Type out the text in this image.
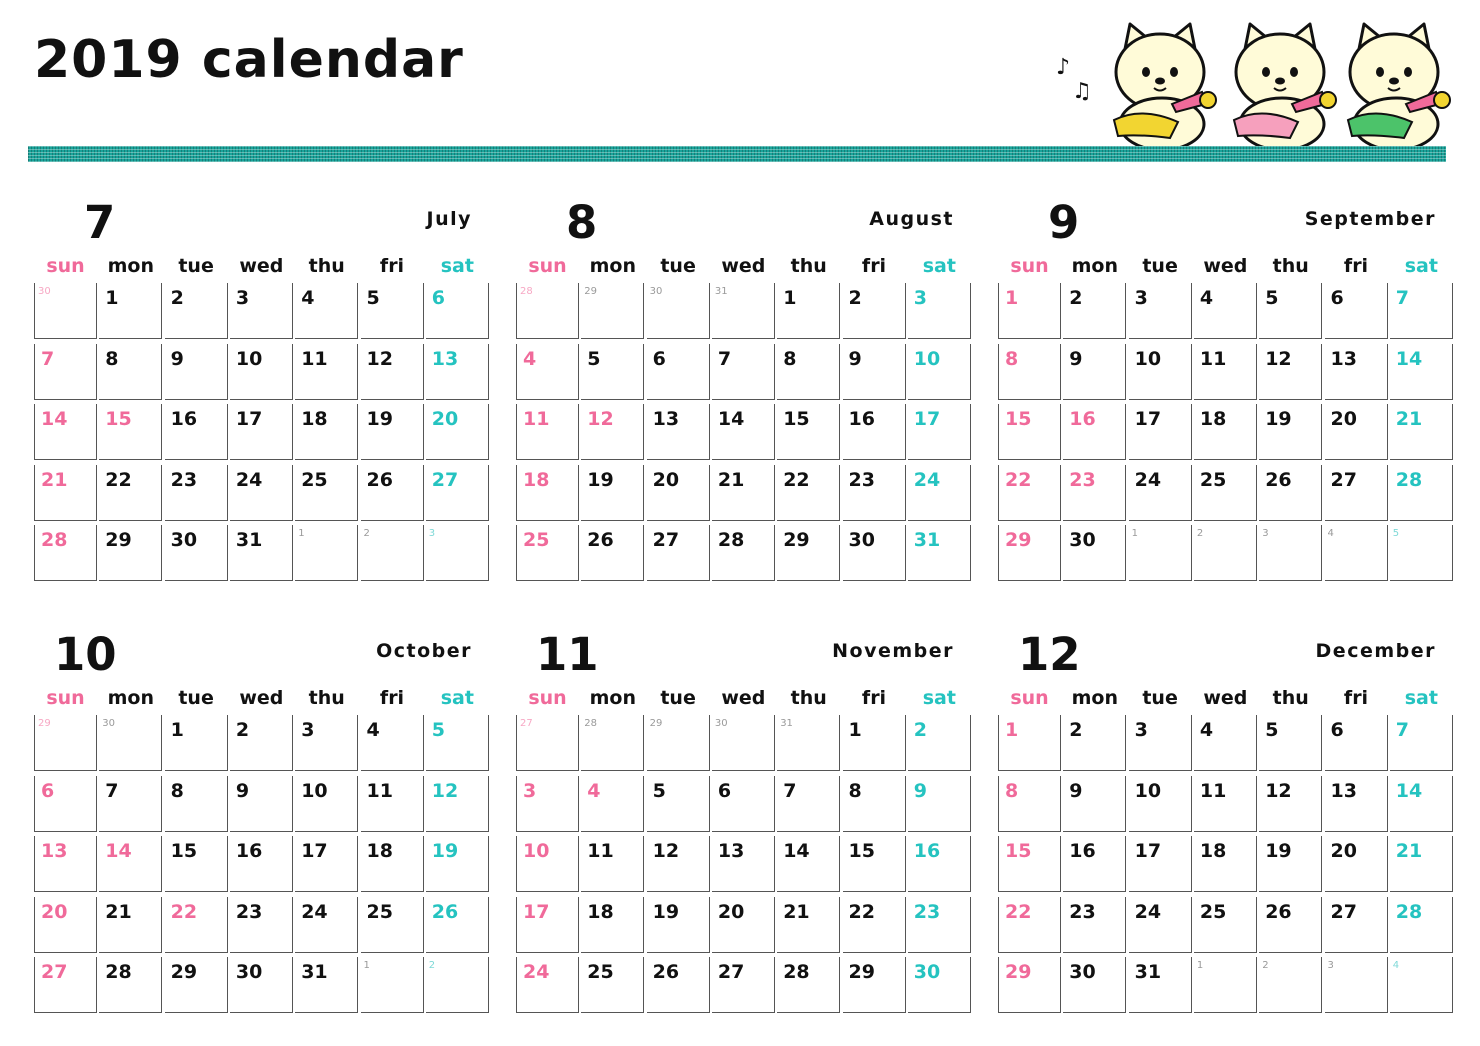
2019 calendar	♪
♫
7	July
sun	mon	tue	wed	thu	fri	sat
30	1	2	3	4	5	6
7	8	9	10 11 12 13
14 15 16 17 18 19 20
21 22 23 24 25 26 27
28 29 30 31	1	2	3
8	August
sun	mon	tue	wed	thu	fri	sat
28	29	30	31	1	2	3
4	5	6	7	8	9	10
11 12 13 14 15 16 17
18 19 20 21 22 23 24
25 26 27 28 29 30 31
9	September
sun	mon	tue	wed	thu	fri	sat
1	2	3	4	5	6	7
8	9	10 11 12 13 14
15 16 17 18 19 20 21
22 23 24 25 26 27 28
29 30	1	2	3	4	5
10	October
sun	mon	tue	wed	thu	fri	sat
29	30	1	2	3	4	5
6	7	8	9	10 11 12
13 14 15 16 17 18 19
20 21 22 23 24 25 26
27 28 29 30 31	1	2
11	November
sun	mon	tue	wed	thu	fri	sat
27	28	29	30	31	1	2
3	4	5	6	7	8	9
10 11 12 13 14 15 16
17 18 19 20 21 22 23
24 25 26 27 28 29 30
12	December
sun	mon	tue	wed	thu	fri	sat
1	2	3	4	5	6	7
8	9	10 11 12 13 14
15 16 17 18 19 20 21
22 23 24 25 26 27 28
29 30 31	1	2	3	4
